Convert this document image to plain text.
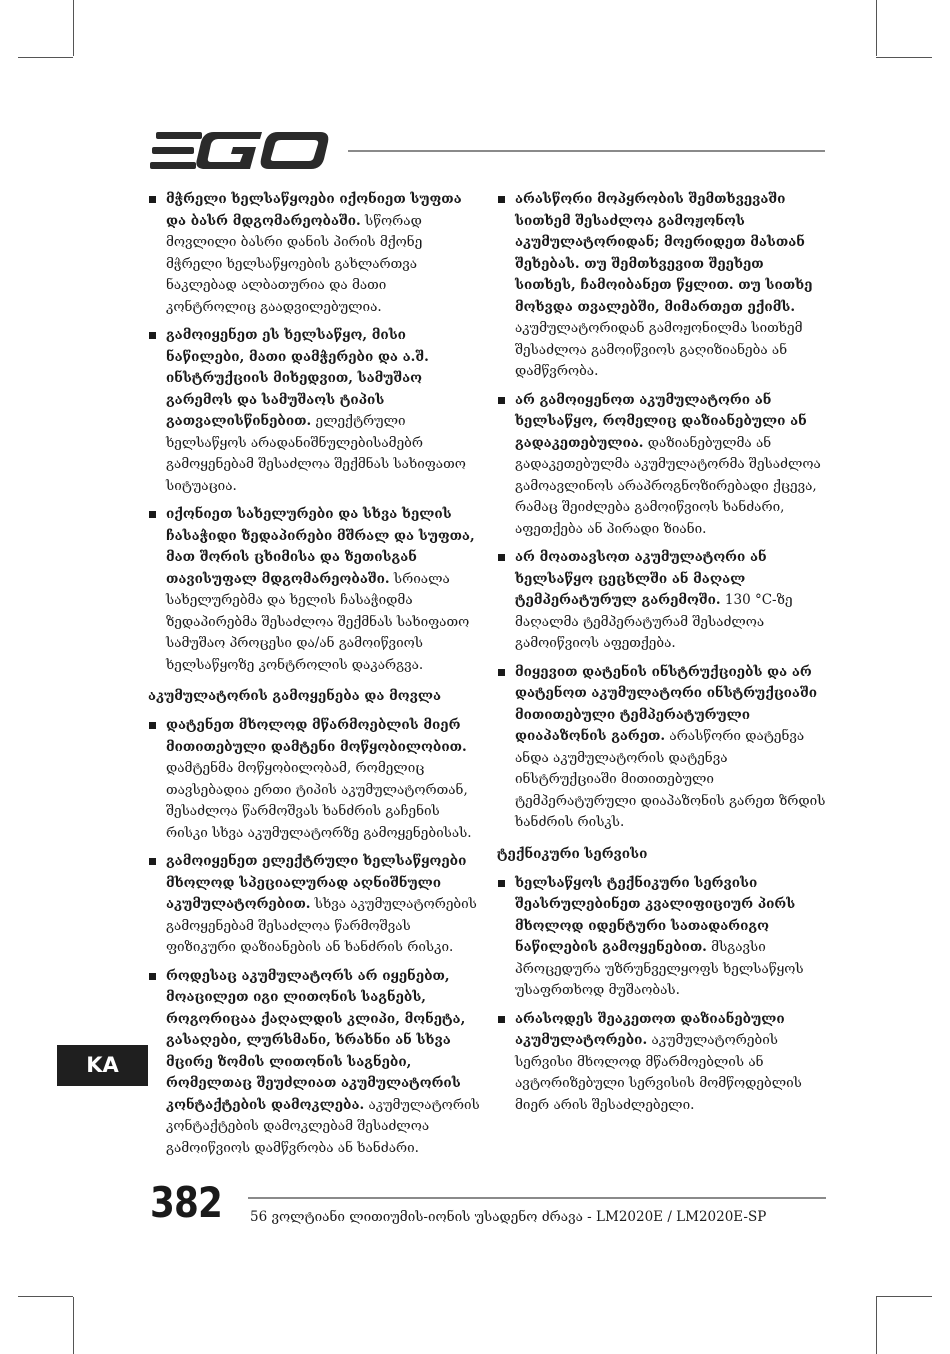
მჭრელი ხელსაწყოები იქონიეთ სუფთა და ბასრ მდგომარეობაში. სწორად მოვლილი ბასრი დანის პირის მქონე მჭრელი ხელსაწყოების გახლართვა ნაკლებად ალბათურია და მათი კონტროლიც გაადვილებულია.
გამოიყენეთ ეს ხელსაწყო, მისი ნაწილები, მათი დამჭერები და ა.შ. ინსტრუქციის მიხედვით, სამუშაო გარემოს და სამუშაოს ტიპის გათვალისწინებით. ელექტრული ხელსაწყოს არადანიშნულებისამებრ გამოყენებამ შესაძლოა შექმნას სახიფათო სიტუაცია.
იქონიეთ სახელურები და სხვა ხელის ჩასაჭიდი ზედაპირები მშრალ და სუფთა, მათ შორის ცხიმისა და ზეთისგან თავისუფალ მდგომარეობაში. სრიალა სახელურებმა და ხელის ჩასაჭიდმა ზედაპირებმა შესაძლოა შექმნას სახიფათო სამუშაო პროცესი და/ან გამოიწვიოს ხელსაწყოზე კონტროლის დაკარგვა.
აკუმულატორის გამოყენება და მოვლა
დატენეთ მხოლოდ მწარმოებლის მიერ მითითებული დამტენი მოწყობილობით. დამტენმა მოწყობილობამ, რომელიც თავსებადია ერთი ტიპის აკუმულატორთან, შესაძლოა წარმოშვას ხანძრის გაჩენის რისკი სხვა აკუმულატორზე გამოყენებისას.
გამოიყენეთ ელექტრული ხელსაწყოები მხოლოდ სპეციალურად აღნიშნული აკუმულატორებით. სხვა აკუმულატორების გამოყენებამ შესაძლოა წარმოშვას ფიზიკური დაზიანების ან ხანძრის რისკი.
როდესაც აკუმულატორს არ იყენებთ, მოაცილეთ იგი ლითონის საგნებს, როგორიცაა ქაღალდის კლიპი, მონეტა, გასაღები, ლურსმანი, ხრახნი ან სხვა მცირე ზომის ლითონის საგნები, რომელთაც შეუძლიათ აკუმულატორის კონტაქტების დამოკლება. აკუმულატორის კონტაქტების დამოკლებამ შესაძლოა გამოიწვიოს დამწვრობა ან ხანძარი.
არასწორი მოპყრობის შემთხვევაში სითხემ შესაძლოა გამოჟონოს აკუმულატორიდან; მოერიდეთ მასთან შეხებას. თუ შემთხვევით შეეხეთ სითხეს, ჩამოიბანეთ წყლით. თუ სითხე მოხვდა თვალებში, მიმართეთ ექიმს. აკუმულატორიდან გამოჟონილმა სითხემ შესაძლოა გამოიწვიოს გაღიზიანება ან დამწვრობა.
არ გამოიყენოთ აკუმულატორი ან ხელსაწყო, რომელიც დაზიანებული ან გადაკეთებულია. დაზიანებულმა ან გადაკეთებულმა აკუმულატორმა შესაძლოა გამოავლინოს არაპროგნოზირებადი ქცევა, რამაც შეიძლება გამოიწვიოს ხანძარი, აფეთქება ან პირადი ზიანი.
არ მოათავსოთ აკუმულატორი ან ხელსაწყო ცეცხლში ან მაღალ ტემპერატურულ გარემოში. 130 °C-ზე მაღალმა ტემპერატურამ შესაძლოა გამოიწვიოს აფეთქება.
მიყევით დატენის ინსტრუქციებს და არ დატენოთ აკუმულატორი ინსტრუქციაში მითითებული ტემპერატურული დიაპაზონის გარეთ. არასწორი დატენვა ანდა აკუმულატორის დატენვა ინსტრუქციაში მითითებული ტემპერატურული დიაპაზონის გარეთ ზრდის ხანძრის რისკს.
ტექნიკური სერვისი
ხელსაწყოს ტექნიკური სერვისი შეასრულებინეთ კვალიფიციურ პირს მხოლოდ იდენტური სათადარიგო ნაწილების გამოყენებით. მსგავსი პროცედურა უზრუნველყოფს ხელსაწყოს უსაფრთხოდ მუშაობას.
არასოდეს შეაკეთოთ დაზიანებული აკუმულატორები. აკუმულატორების სერვისი მხოლოდ მწარმოებლის ან ავტორიზებული სერვისის მომწოდებლის მიერ არის შესაძლებელი.
KA
382 56 ვოლტიანი ლითიუმის-იონის უსადენო ძრავა - LM2020E / LM2020E-SP
